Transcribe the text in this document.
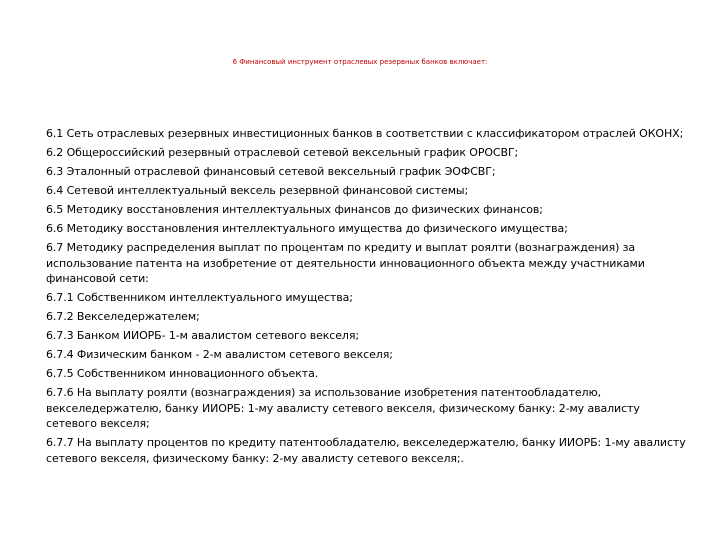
6 Финансовый инструмент отраслевых резервных банков включает:

6.1 Сеть отраслевых резервных инвестиционных банков в соответствии с классификатором отраслей ОКОНХ;

6.2 Общероссийский резервный отраслевой сетевой вексельный график ОРОСВГ;

6.3 Эталонный отраслевой финансовый сетевой вексельный график ЭОФСВГ;

6.4 Сетевой интеллектуальный вексель резервной финансовой системы;

6.5 Методику восстановления интеллектуальных финансов до физических финансов;

6.6 Методику восстановления интеллектуального имущества до физического имущества;

6.7 Методику распределения выплат по процентам по кредиту и выплат роялти (вознаграждения) за использование патента на изобретение от деятельности инновационного объекта между участниками финансовой сети:

6.7.1 Собственником интеллектуального имущества;

6.7.2 Векселедержателем;

6.7.3 Банком ИИОРБ- 1-м авалистом сетевого векселя;

6.7.4 Физическим банком - 2-м авалистом сетевого векселя;

6.7.5 Собственником инновационного объекта.

6.7.6 На выплату роялти (вознаграждения) за использование изобретения патентообладателю, векселедержателю, банку ИИОРБ: 1-му авалисту сетевого векселя, физическому банку: 2-му авалисту сетевого векселя;

6.7.7 На выплату процентов по кредиту патентообладателю, векселедержателю, банку ИИОРБ: 1-му авалисту сетевого векселя, физическому банку: 2-му авалисту сетевого векселя;.
